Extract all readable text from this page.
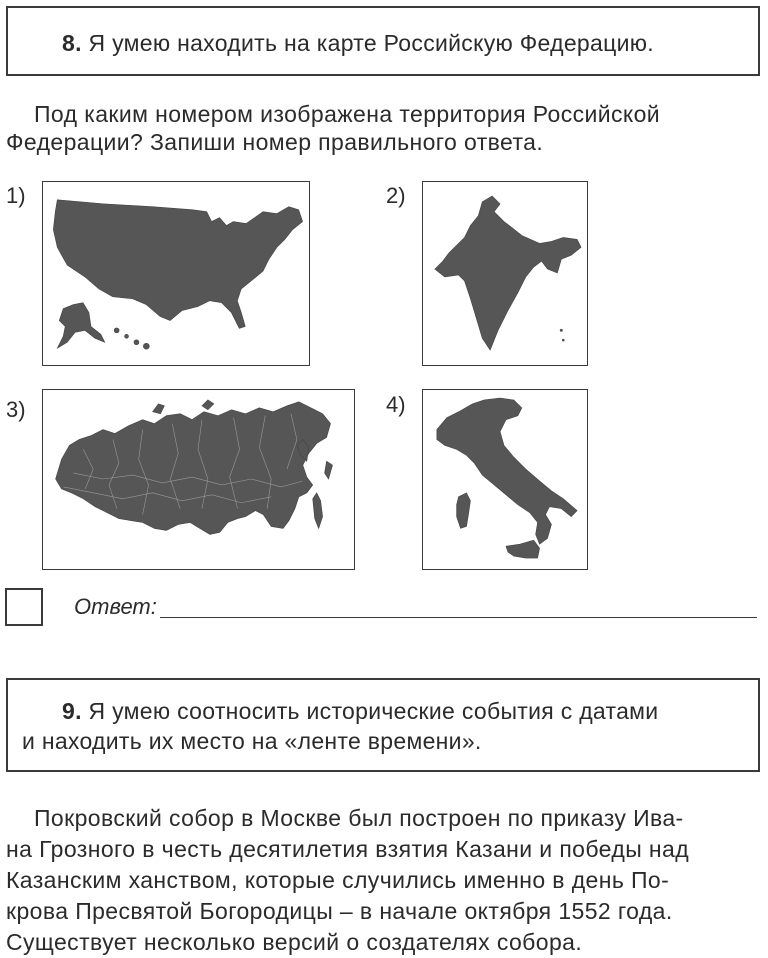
8. Я умею находить на карте Российскую Федерацию.
Под каким номером изображена территория Российской
Федерации? Запиши номер правильного ответа.
1)	2)
3)	4)
Ответ:
9. Я умею соотносить исторические события с датами
и находить их место на «ленте времени».
Покровский собор в Москве был построен по приказу Ива-
на Грозного в честь десятилетия взятия Казани и победы над
Казанским ханством, которые случились именно в день По-
крова Пресвятой Богородицы – в начале октября 1552 года.
Существует несколько версий о создателях собора.
